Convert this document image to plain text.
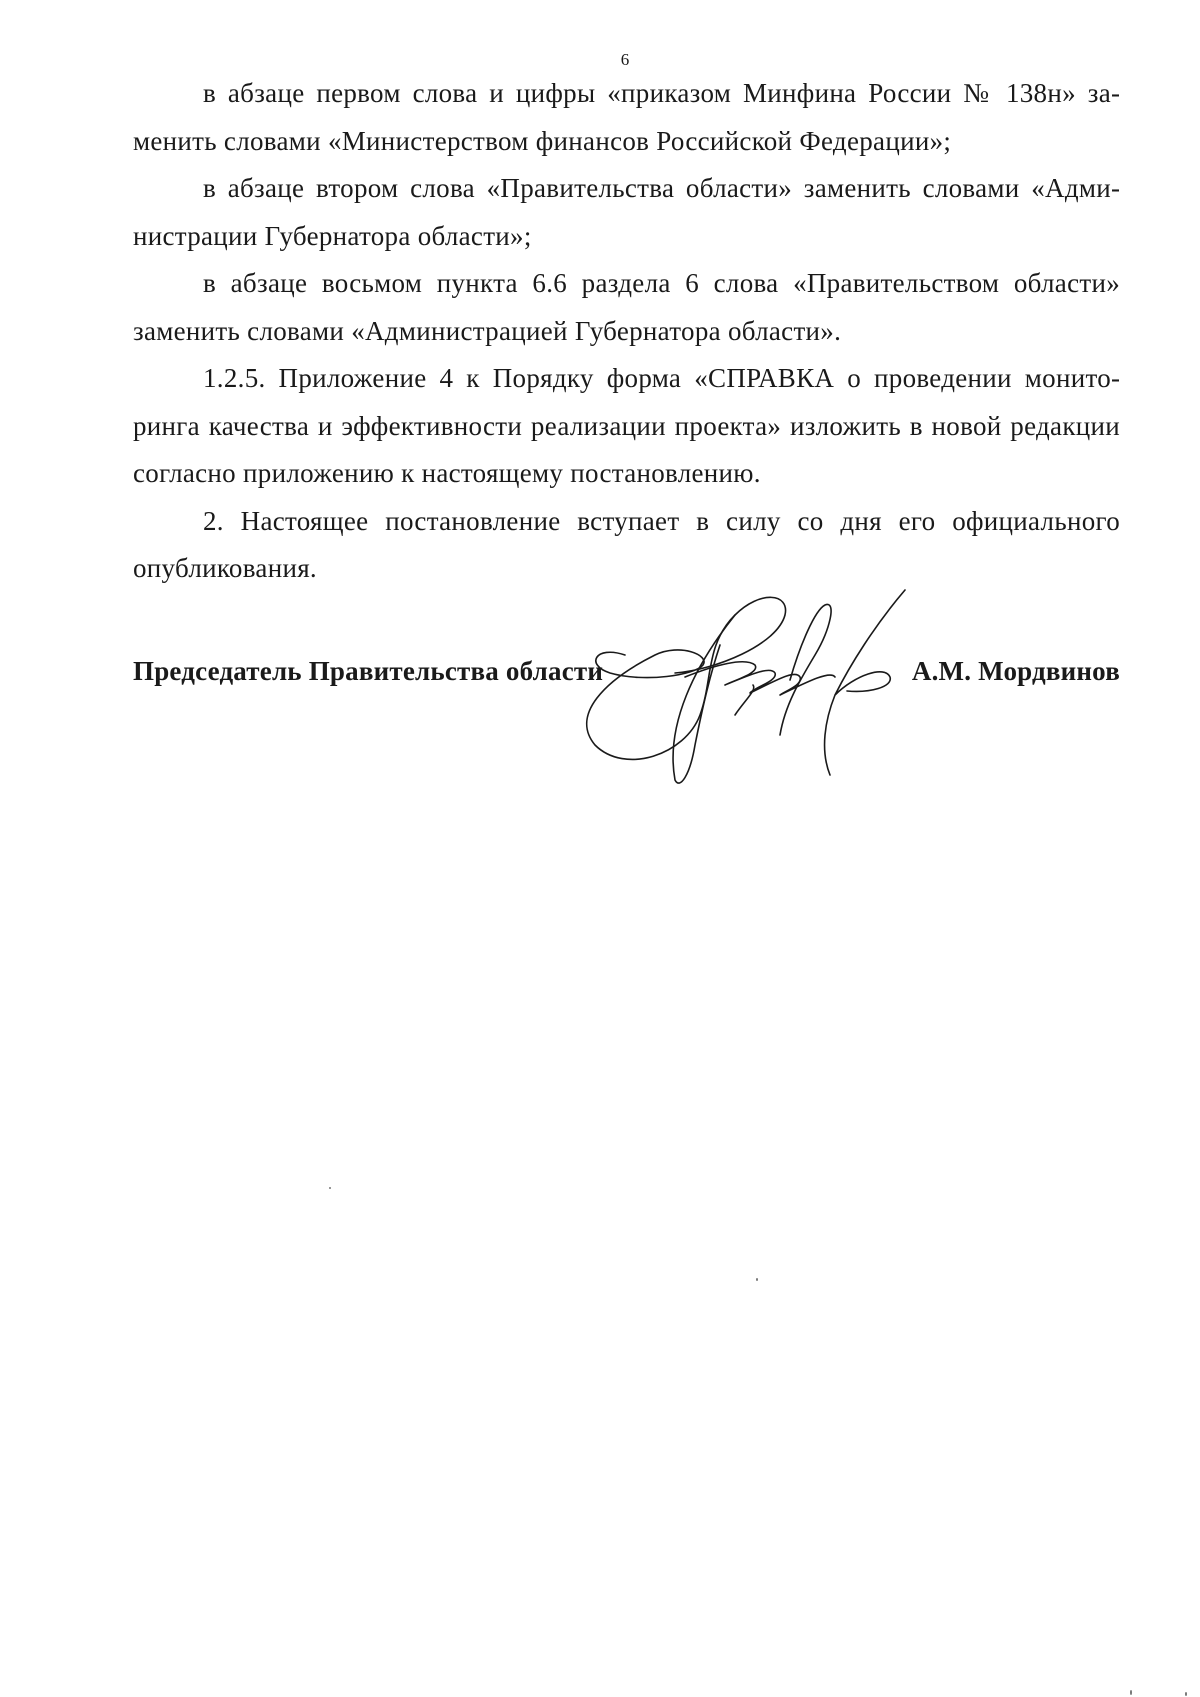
6

в абзаце первом слова и цифры «приказом Минфина России № 138н» заменить словами «Министерством финансов Российской Федерации»;

в абзаце втором слова «Правительства области» заменить словами «Администрации Губернатора области»;

в абзаце восьмом пункта 6.6 раздела 6 слова «Правительством области» заменить словами «Администрацией Губернатора области».

1.2.5. Приложение 4 к Порядку форма «СПРАВКА о проведении мониторинга качества и эффективности реализации проекта» изложить в новой редакции согласно приложению к настоящему постановлению.

2. Настоящее постановление вступает в силу со дня его официального опубликования.

Председатель Правительства области	А.М. Мордвинов
